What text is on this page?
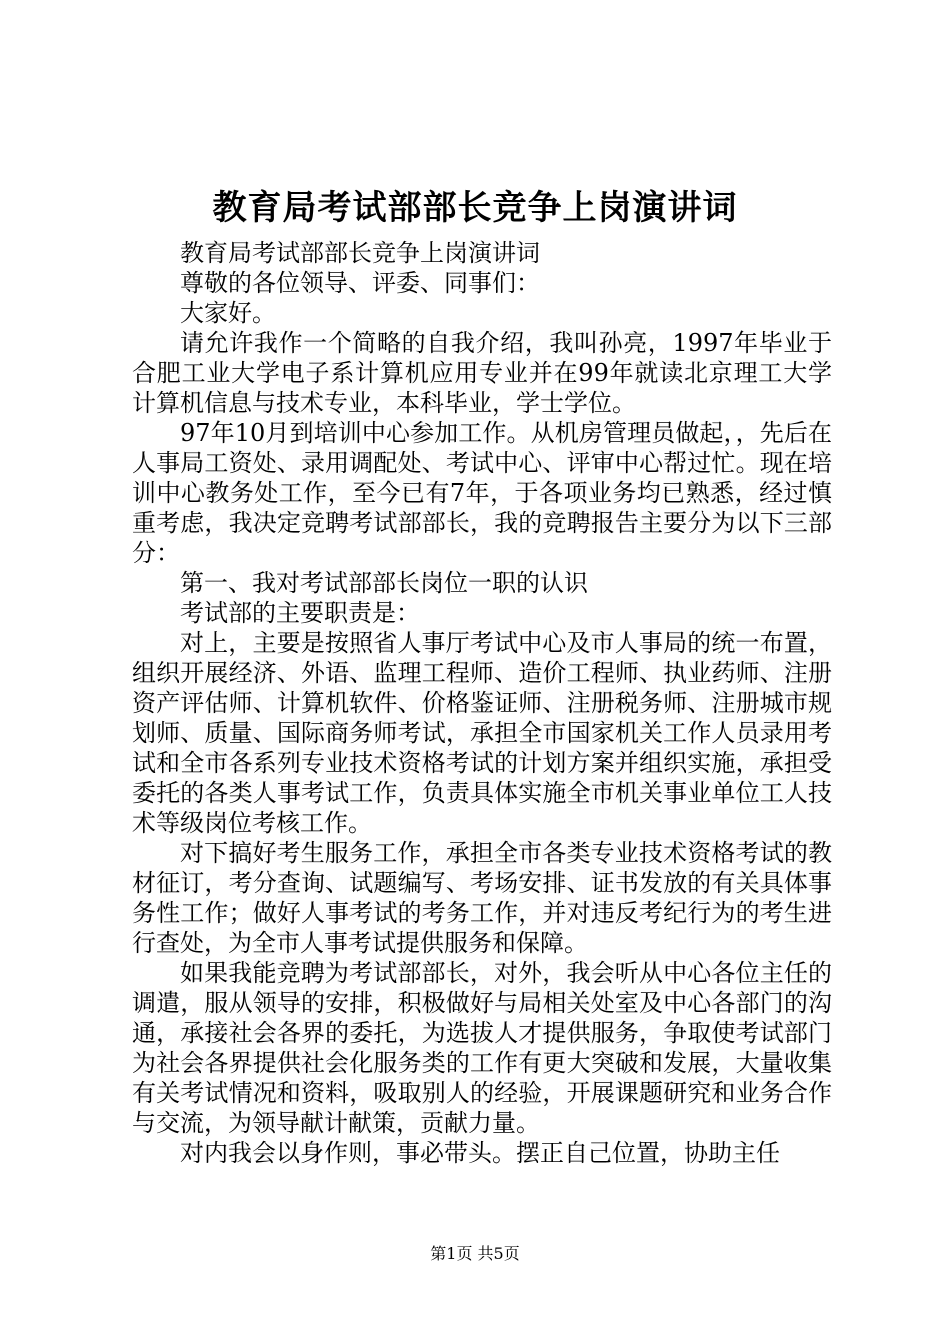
教育局考试部部长竞争上岗演讲词

教育局考试部部长竞争上岗演讲词

尊敬的各位领导、评委、同事们：

大家好。

请允许我作一个简略的自我介绍，我叫孙亮，1997年毕业于合肥工业大学电子系计算机应用专业并在99年就读北京理工大学计算机信息与技术专业，本科毕业，学士学位。

97年10月到培训中心参加工作。从机房管理员做起，，先后在人事局工资处、录用调配处、考试中心、评审中心帮过忙。现在培训中心教务处工作，至今已有7年，于各项业务均已熟悉，经过慎重考虑，我决定竞聘考试部部长，我的竞聘报告主要分为以下三部分：

第一、我对考试部部长岗位一职的认识

考试部的主要职责是：

对上，主要是按照省人事厅考试中心及市人事局的统一布置，组织开展经济、外语、监理工程师、造价工程师、执业药师、注册资产评估师、计算机软件、价格鉴证师、注册税务师、注册城市规划师、质量、国际商务师考试，承担全市国家机关工作人员录用考试和全市各系列专业技术资格考试的计划方案并组织实施，承担受委托的各类人事考试工作，负责具体实施全市机关事业单位工人技术等级岗位考核工作。

对下搞好考生服务工作，承担全市各类专业技术资格考试的教材征订，考分查询、试题编写、考场安排、证书发放的有关具体事务性工作；做好人事考试的考务工作，并对违反考纪行为的考生进行查处，为全市人事考试提供服务和保障。

如果我能竞聘为考试部部长，对外，我会听从中心各位主任的调遣，服从领导的安排，积极做好与局相关处室及中心各部门的沟通，承接社会各界的委托，为选拔人才提供服务，争取使考试部门为社会各界提供社会化服务类的工作有更大突破和发展，大量收集有关考试情况和资料，吸取别人的经验，开展课题研究和业务合作与交流，为领导献计献策，贡献力量。

对内我会以身作则，事必带头。摆正自己位置，协助主任

第1页 共5页
